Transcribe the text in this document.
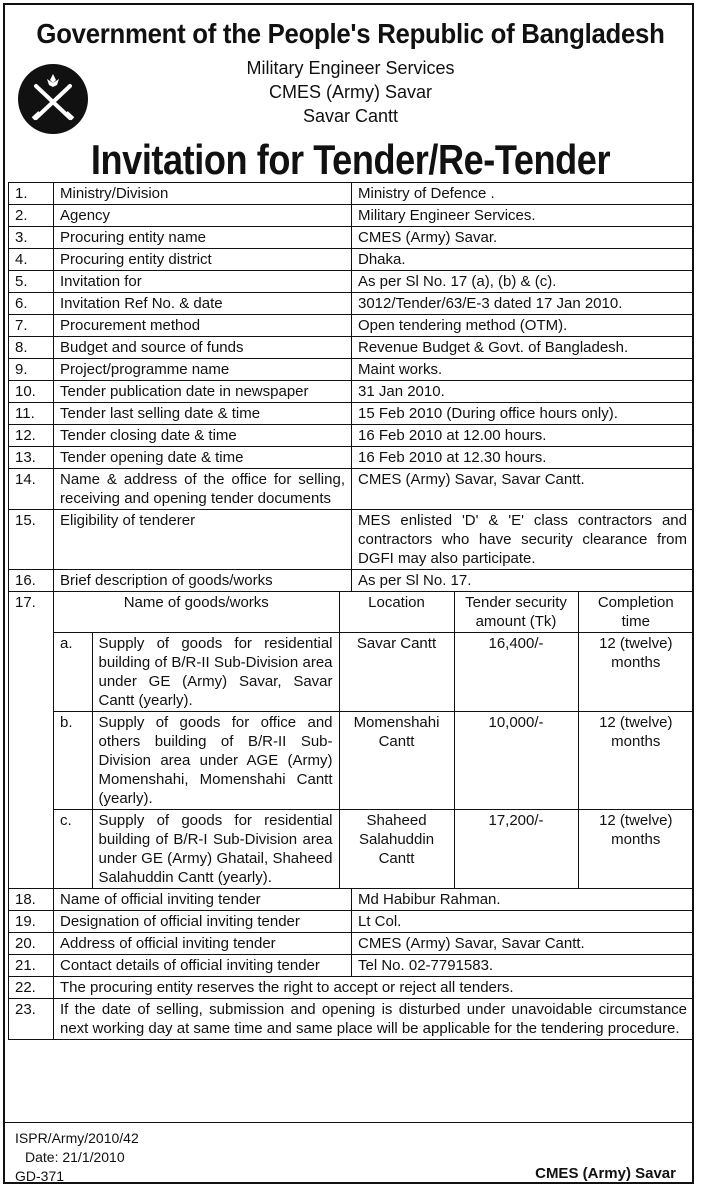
Government of the People's Republic of Bangladesh
Military Engineer Services
CMES (Army) Savar
Savar Cantt
Invitation for Tender/Re-Tender
1.	Ministry/Division	Ministry of Defence .
2.	Agency	Military Engineer Services.
3.	Procuring entity name	CMES (Army) Savar.
4.	Procuring entity district	Dhaka.
5.	Invitation for	As per Sl No. 17 (a), (b) & (c).
6.	Invitation Ref No. & date	3012/Tender/63/E-3 dated 17 Jan 2010.
7.	Procurement method	Open tendering method (OTM).
8.	Budget and source of funds	Revenue Budget & Govt. of Bangladesh.
9.	Project/programme name	Maint works.
10.	Tender publication date in newspaper	31 Jan 2010.
11.	Tender last selling date & time	15 Feb 2010 (During office hours only).
12.	Tender closing date & time	16 Feb 2010 at 12.00 hours.
13.	Tender opening date & time	16 Feb 2010 at 12.30 hours.
14.	Name & address of the office for selling, receiving and opening tender documents	CMES (Army) Savar, Savar Cantt.
15.	Eligibility of tenderer	MES enlisted 'D' & 'E' class contractors and contractors who have security clearance from DGFI may also participate.
16.	Brief description of goods/works	As per Sl No. 17.
17.		Name of goods/works	Location	Tender security amount (Tk)	Completion time
a.	Supply of goods for residential building of B/R-II Sub-Division area under GE (Army) Savar, Savar Cantt (yearly).	Savar Cantt	16,400/-	12 (twelve) months
b.	Supply of goods for office and others building of B/R-II Sub-Division area under AGE (Army) Momenshahi, Momenshahi Cantt (yearly).	Momenshahi Cantt	10,000/-	12 (twelve) months
c.	Supply of goods for residential building of B/R-I Sub-Division area under GE (Army) Ghatail, Shaheed Salahuddin Cantt (yearly).	Shaheed Salahuddin Cantt	17,200/-	12 (twelve) months

18.	Name of official inviting tender	Md Habibur Rahman.
19.	Designation of official inviting tender	Lt Col.
20.	Address of official inviting tender	CMES (Army) Savar, Savar Cantt.
21.	Contact details of official inviting tender	Tel No. 02-7791583.
22.	The procuring entity reserves the right to accept or reject all tenders.
23.	If the date of selling, submission and opening is disturbed under unavoidable circumstance next working day at same time and same place will be applicable for the tendering procedure.
ISPR/Army/2010/42
Date: 21/1/2010
GD-371	CMES (Army) Savar
